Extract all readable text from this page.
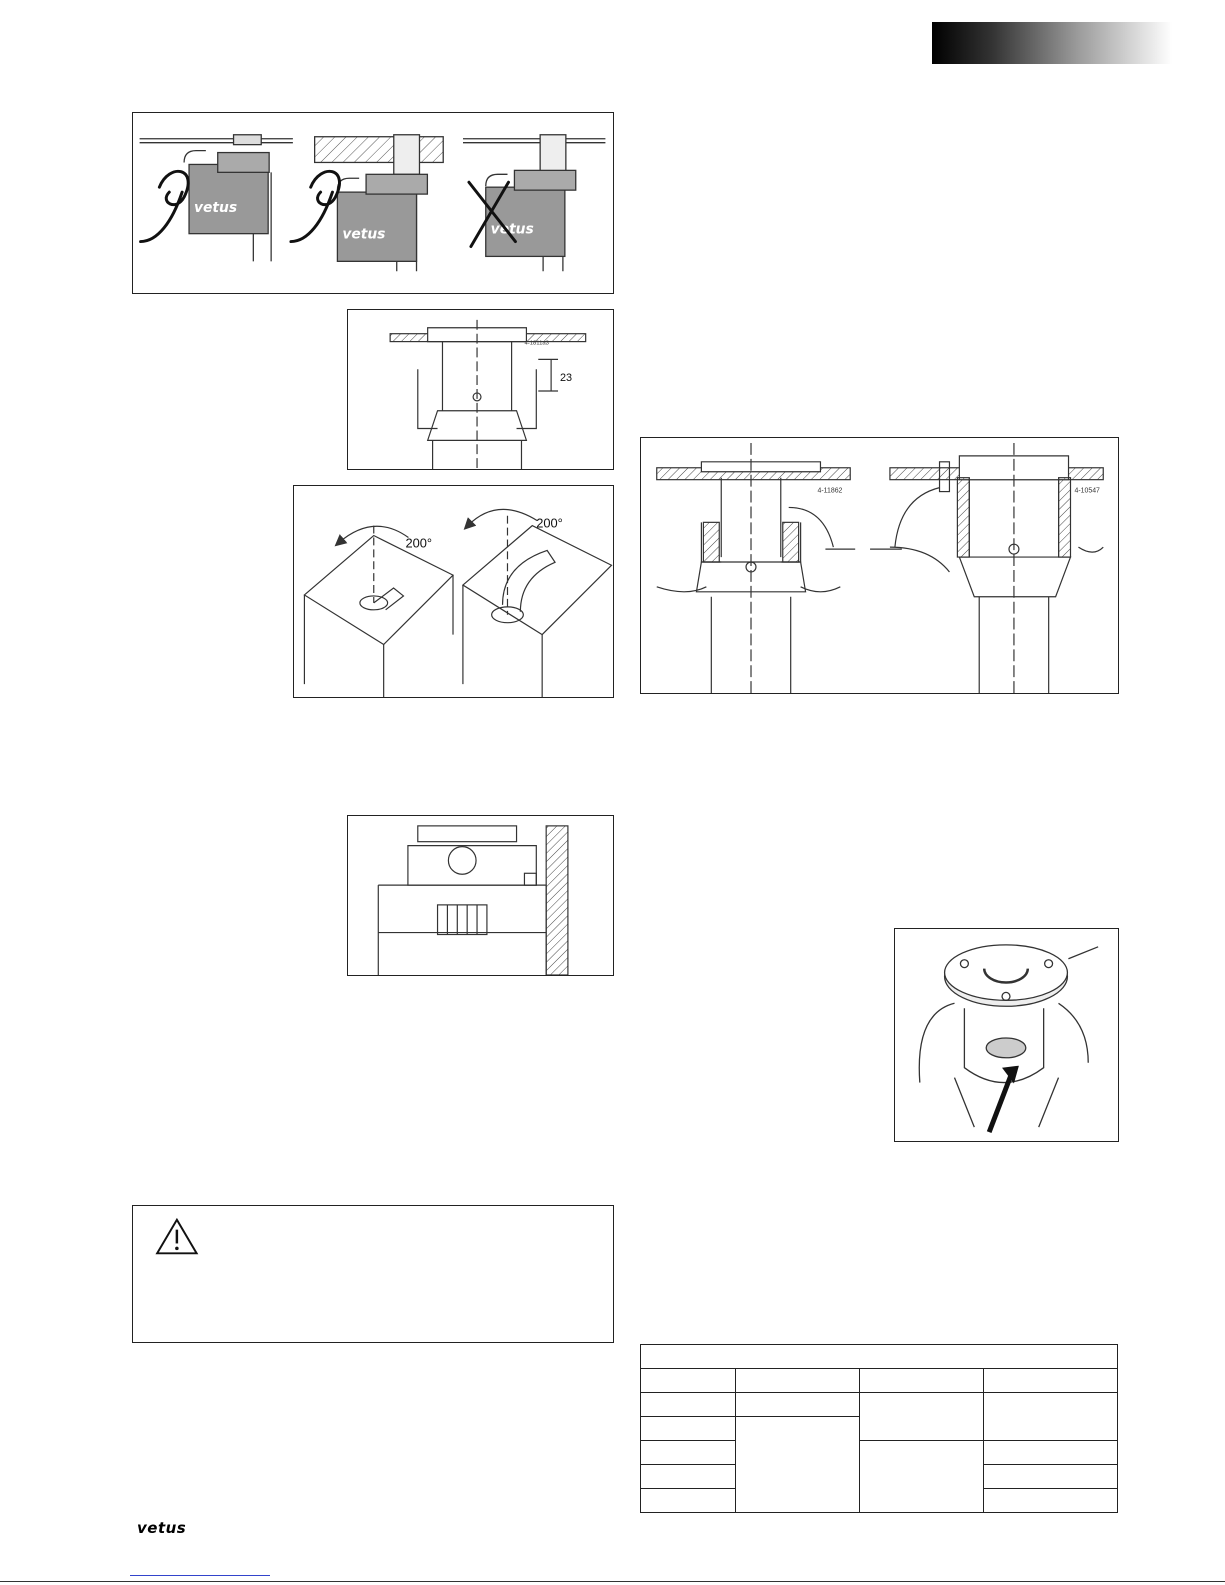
vetus
vetus	vetus
4-1811a3
23
200°
200°
4-11862	4-10547

vetus
